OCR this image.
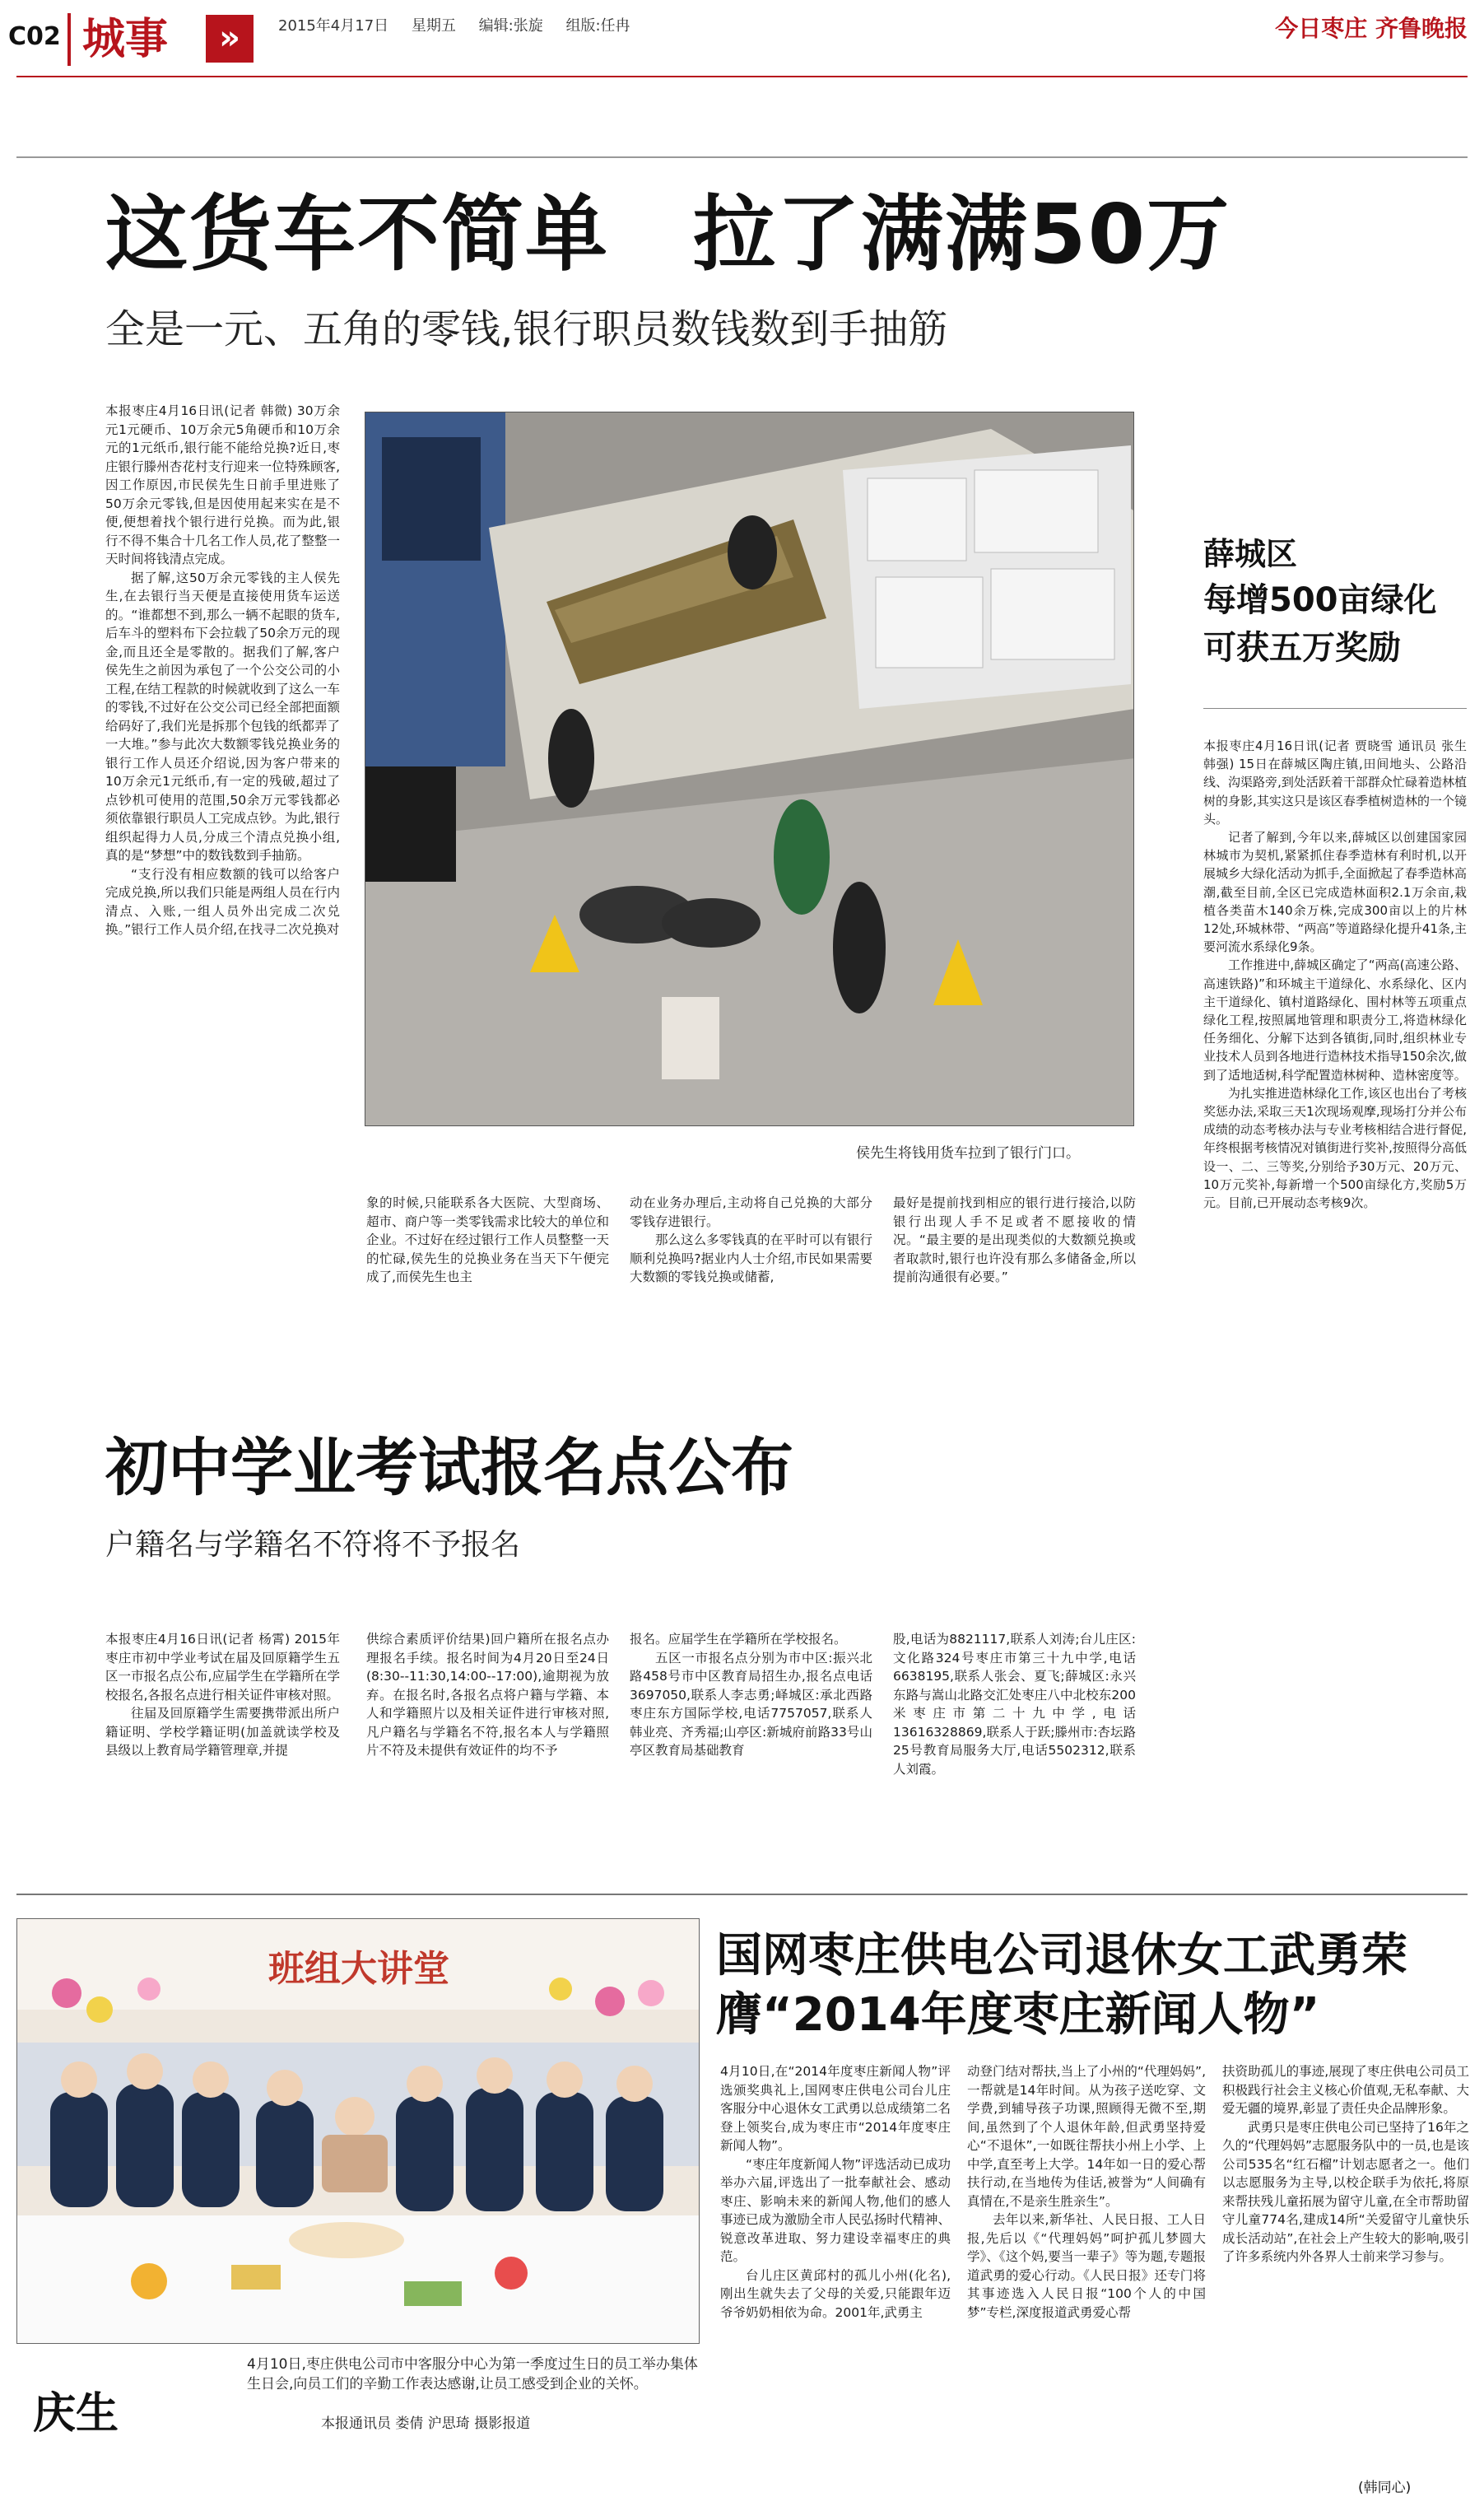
C02 城事	»	2015年4月17日 星期五 编辑:张旋 组版:任冉	今日枣庄 齐鲁晚报
这货车不简单　拉了满满50万
全是一元、五角的零钱,银行职员数钱数到手抽筋

本报枣庄4月16日讯(记者 韩微) 30万余元1元硬币、10万余元5角硬币和10万余元的1元纸币,银行能不能给兑换?近日,枣庄银行滕州杏花村支行迎来一位特殊顾客,因工作原因,市民侯先生日前手里进账了50万余元零钱,但是因使用起来实在是不便,便想着找个银行进行兑换。而为此,银行不得不集合十几名工作人员,花了整整一天时间将钱清点完成。

据了解,这50万余元零钱的主人侯先生,在去银行当天便是直接使用货车运送的。“谁都想不到,那么一辆不起眼的货车,后车斗的塑料布下会拉载了50余万元的现金,而且还全是零散的。据我们了解,客户侯先生之前因为承包了一个公交公司的小工程,在结工程款的时候就收到了这么一车的零钱,不过好在公交公司已经全部把面额给码好了,我们光是拆那个包钱的纸都弄了一大堆。”参与此次大数额零钱兑换业务的银行工作人员还介绍说,因为客户带来的10万余元1元纸币,有一定的残破,超过了点钞机可使用的范围,50余万元零钱都必须依靠银行职员人工完成点钞。为此,银行组织起得力人员,分成三个清点兑换小组,真的是“梦想”中的数钱数到手抽筋。

“支行没有相应数额的钱可以给客户完成兑换,所以我们只能是两组人员在行内清点、入账,一组人员外出完成二次兑换。”银行工作人员介绍,在找寻二次兑换对

侯先生将钱用货车拉到了银行门口。

象的时候,只能联系各大医院、大型商场、超市、商户等一类零钱需求比较大的单位和企业。不过好在经过银行工作人员整整一天的忙碌,侯先生的兑换业务在当天下午便完成了,而侯先生也主

动在业务办理后,主动将自己兑换的大部分零钱存进银行。

那么这么多零钱真的在平时可以有银行顺利兑换吗?据业内人士介绍,市民如果需要大数额的零钱兑换或储蓄,

最好是提前找到相应的银行进行接洽,以防银行出现人手不足或者不愿接收的情况。“最主要的是出现类似的大数额兑换或者取款时,银行也许没有那么多储备金,所以提前沟通很有必要。”

薛城区
每增500亩绿化可获五万奖励

本报枣庄4月16日讯(记者 贾晓雪 通讯员 张生 韩强) 15日在薛城区陶庄镇,田间地头、公路沿线、沟渠路旁,到处活跃着干部群众忙碌着造林植树的身影,其实这只是该区春季植树造林的一个镜头。

记者了解到,今年以来,薛城区以创建国家园林城市为契机,紧紧抓住春季造林有利时机,以开展城乡大绿化活动为抓手,全面掀起了春季造林高潮,截至目前,全区已完成造林面积2.1万余亩,栽植各类苗木140余万株,完成300亩以上的片林12处,环城林带、“两高”等道路绿化提升41条,主要河流水系绿化9条。

工作推进中,薛城区确定了“两高(高速公路、高速铁路)”和环城主干道绿化、水系绿化、区内主干道绿化、镇村道路绿化、围村林等五项重点绿化工程,按照属地管理和职责分工,将造林绿化任务细化、分解下达到各镇街,同时,组织林业专业技术人员到各地进行造林技术指导150余次,做到了适地适树,科学配置造林树种、造林密度等。

为扎实推进造林绿化工作,该区也出台了考核奖惩办法,采取三天1次现场观摩,现场打分并公布成绩的动态考核办法与专业考核相结合进行督促,年终根据考核情况对镇街进行奖补,按照得分高低设一、二、三等奖,分别给予30万元、20万元、10万元奖补,每新增一个500亩绿化方,奖励5万元。目前,已开展动态考核9次。

初中学业考试报名点公布
户籍名与学籍名不符将不予报名

本报枣庄4月16日讯(记者 杨霄) 2015年枣庄市初中学业考试在届及回原籍学生五区一市报名点公布,应届学生在学籍所在学校报名,各报名点进行相关证件审核对照。

往届及回原籍学生需要携带派出所户籍证明、学校学籍证明(加盖就读学校及县级以上教育局学籍管理章,并提

供综合素质评价结果)回户籍所在报名点办理报名手续。报名时间为4月20日至24日(8:30--11:30,14:00--17:00),逾期视为放弃。在报名时,各报名点将户籍与学籍、本人和学籍照片以及相关证件进行审核对照,凡户籍名与学籍名不符,报名本人与学籍照片不符及未提供有效证件的均不予

报名。应届学生在学籍所在学校报名。

五区一市报名点分别为市中区:振兴北路458号市中区教育局招生办,报名点电话3697050,联系人李志勇;峄城区:承北西路枣庄东方国际学校,电话7757057,联系人韩业亮、齐秀福;山亭区:新城府前路33号山亭区教育局基础教育

股,电话为8821117,联系人刘涛;台儿庄区:文化路324号枣庄市第三十九中学,电话6638195,联系人张会、夏飞;薛城区:永兴东路与嵩山北路交汇处枣庄八中北校东200米枣庄市第二十九中学,电话13616328869,联系人于跃;滕州市:杏坛路25号教育局服务大厅,电话5502312,联系人刘霞。

班组大讲堂	国网枣庄供电公司退休女工武勇荣膺“2014年度枣庄新闻人物”

4月10日,在“2014年度枣庄新闻人物”评选颁奖典礼上,国网枣庄供电公司台儿庄客服分中心退休女工武勇以总成绩第二名登上领奖台,成为枣庄市“2014年度枣庄新闻人物”。

“枣庄年度新闻人物”评选活动已成功举办六届,评选出了一批奉献社会、感动枣庄、影响未来的新闻人物,他们的感人事迹已成为激励全市人民弘扬时代精神、锐意改革进取、努力建设幸福枣庄的典范。

台儿庄区黄邱村的孤儿小州(化名),刚出生就失去了父母的关爱,只能跟年迈爷爷奶奶相依为命。2001年,武勇主

动登门结对帮扶,当上了小州的“代理妈妈”,一帮就是14年时间。从为孩子送吃穿、文学费,到辅导孩子功课,照顾得无微不至,期间,虽然到了个人退休年龄,但武勇坚持爱心“不退休”,一如既往帮扶小州上小学、上中学,直至考上大学。14年如一日的爱心帮扶行动,在当地传为佳话,被誉为“人间确有真情在,不是亲生胜亲生”。

去年以来,新华社、人民日报、工人日报,先后以《“代理妈妈”呵护孤儿梦圆大学》、《这个妈,要当一辈子》等为题,专题报道武勇的爱心行动。《人民日报》还专门将其事迹选入人民日报“100个人的中国梦”专栏,深度报道武勇爱心帮

扶资助孤儿的事迹,展现了枣庄供电公司员工积极践行社会主义核心价值观,无私奉献、大爱无疆的境界,彰显了责任央企品牌形象。

武勇只是枣庄供电公司已坚持了16年之久的“代理妈妈”志愿服务队中的一员,也是该公司535名“红石榴”计划志愿者之一。他们以志愿服务为主导,以校企联手为依托,将原来帮扶残儿童拓展为留守儿童,在全市帮助留守儿童774名,建成14所“关爱留守儿童快乐成长活动站”,在社会上产生较大的影响,吸引了许多系统内外各界人士前来学习参与。

4月10日,枣庄供电公司市中客服分中心为第一季度过生日的员工举办集体生日会,向员工们的辛勤工作表达感谢,让员工感受到企业的关怀。
本报通讯员 娄倩 沪思琦 摄影报道
庆生
(韩同心)
